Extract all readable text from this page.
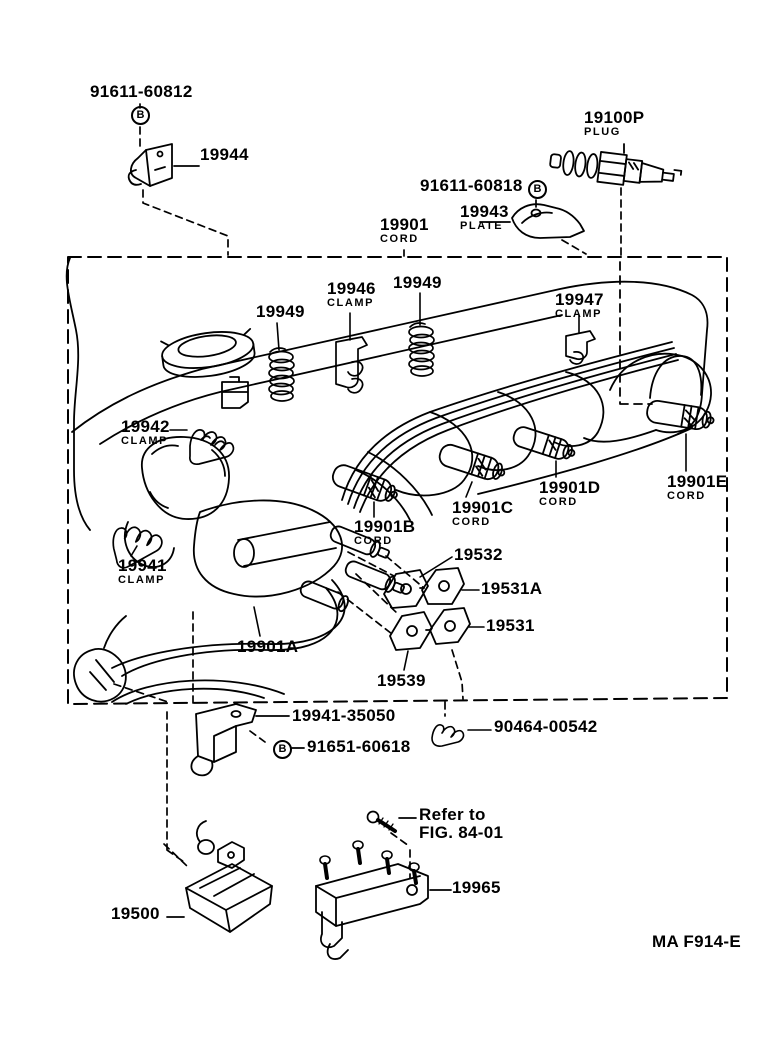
91611-60812
B
19944
19100P
PLUG
91611-60818 B
19943
PLATE
19901
CORD
19949
19946
CLAMP
19949
19947
CLAMP
19942
CLAMP
19941
CLAMP
19901B
CORD
19901C
CORD
19901D
CORD
19901E
CORD
19532
19531A
19531
19901A
19539
19941-35050
B 91651-60618
90464-00542
Refer to
FIG. 84-01
19965
19500
MA F914-E
